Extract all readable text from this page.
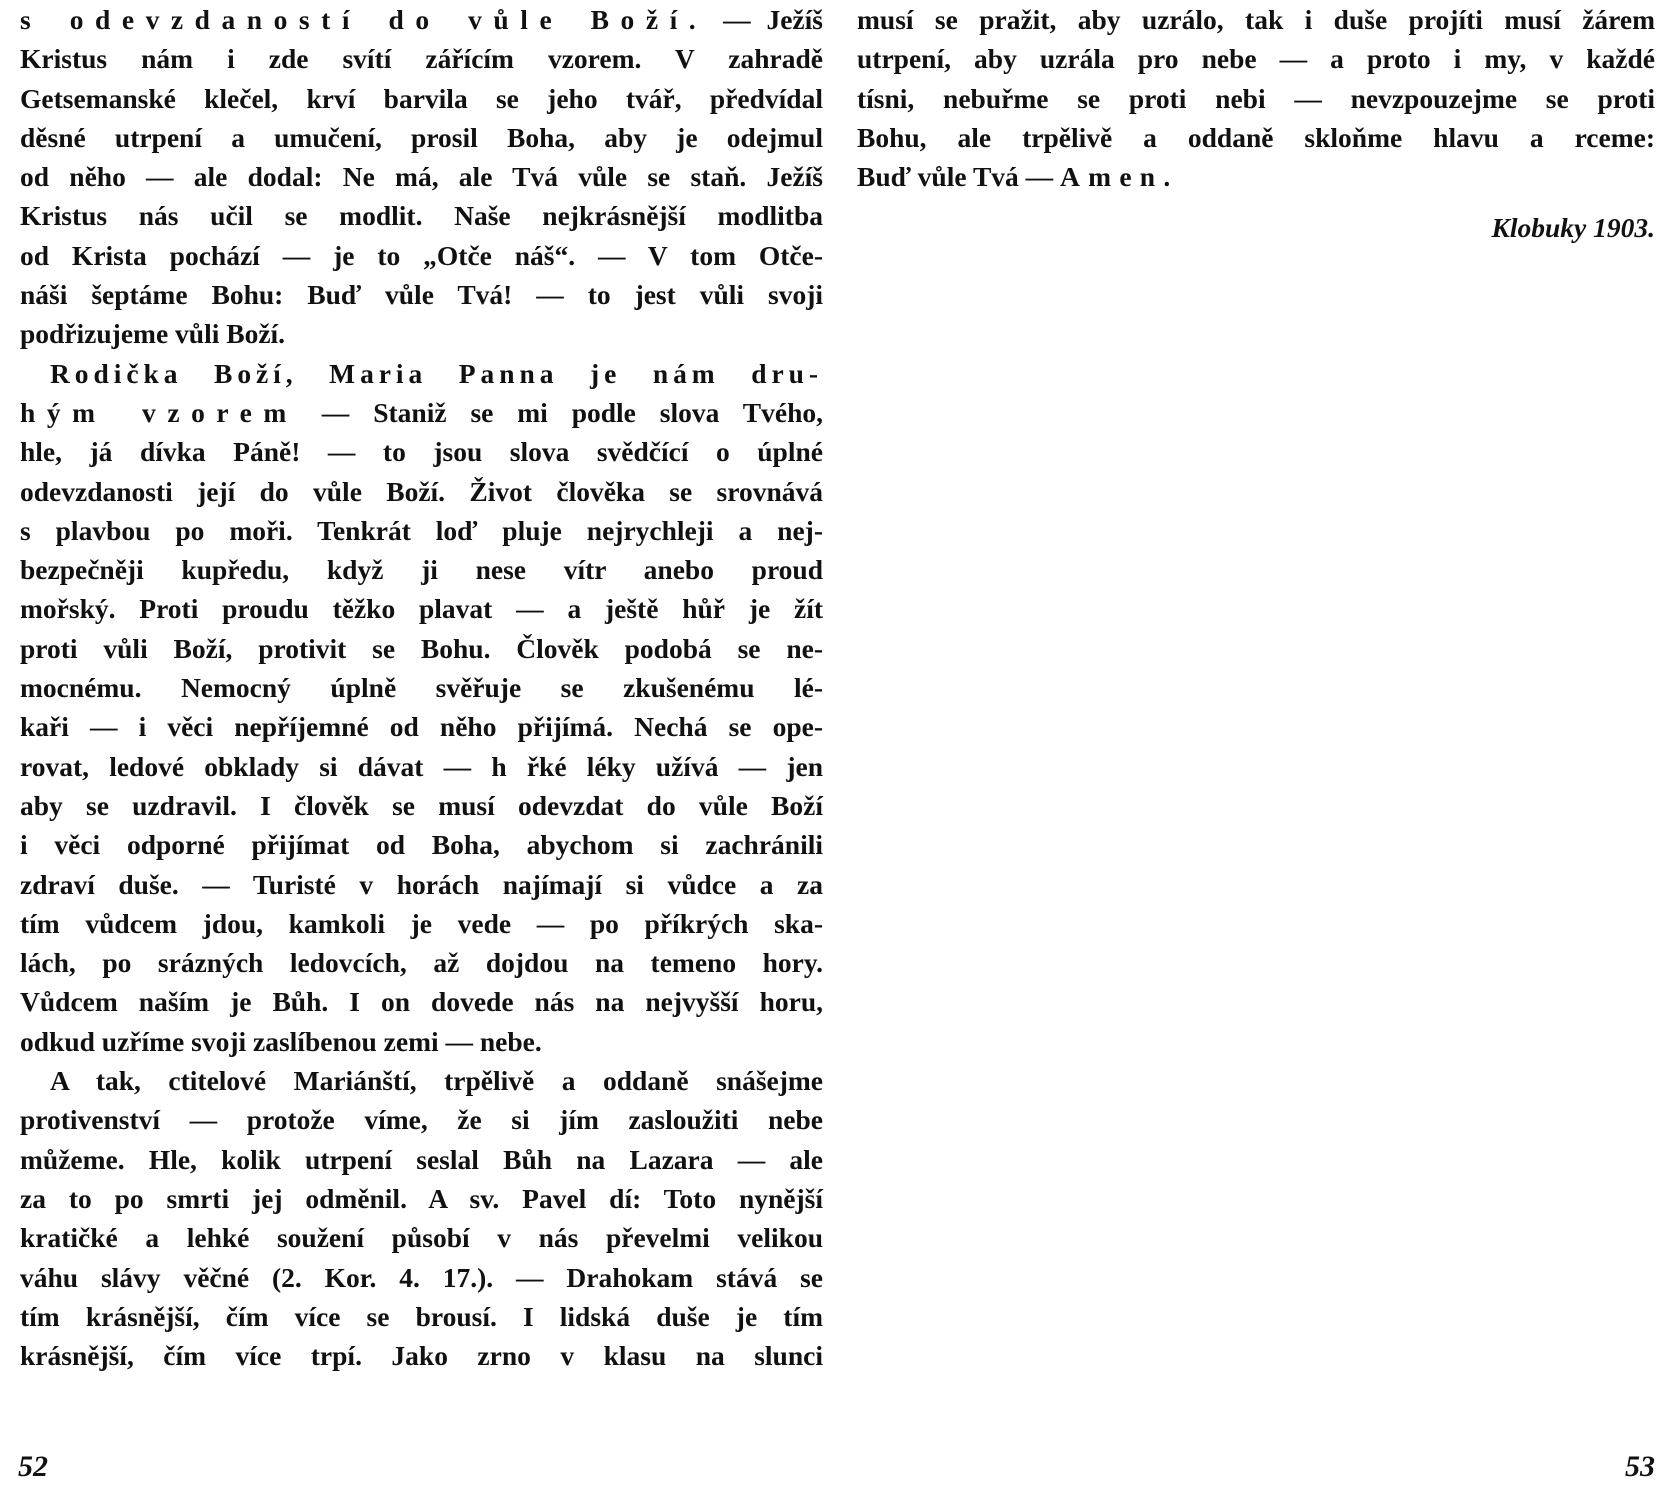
s odevzdaností do vůle Boží. — Ježíš
Kristus nám i zde svítí zářícím vzorem. V zahradě
Getsemanské klečel, krví barvila se jeho tvář, předvídal
děsné utrpení a umučení, prosil Boha, aby je odejmul
od něho — ale dodal: Ne má, ale Tvá vůle se staň. Ježíš
Kristus nás učil se modlit. Naše nejkrásnější modlitba
od Krista pochází — je to „Otče náš“. — V tom Otče-
náši šeptáme Bohu: Buď vůle Tvá! — to jest vůli svoji
podřizujeme vůli Boží.
Rodička Boží, Maria Panna je nám dru-
hým vzorem — Staniž se mi podle slova Tvého,
hle, já dívka Páně! — to jsou slova svědčící o úplné
odevzdanosti její do vůle Boží. Život člověka se srovnává
s plavbou po moři. Tenkrát loď pluje nejrychleji a nej-
bezpečněji kupředu, když ji nese vítr anebo proud
mořský. Proti proudu těžko plavat — a ještě hůř je žít
proti vůli Boží, protivit se Bohu. Člověk podobá se ne-
mocnému. Nemocný úplně svěřuje se zkušenému lé-
kaři — i věci nepříjemné od něho přijímá. Nechá se ope-
rovat, ledové obklady si dávat — h řké léky užívá — jen
aby se uzdravil. I člověk se musí odevzdat do vůle Boží
i věci odporné přijímat od Boha, abychom si zachránili
zdraví duše. — Turisté v horách najímají si vůdce a za
tím vůdcem jdou, kamkoli je vede — po příkrých ska-
lách, po srázných ledovcích, až dojdou na temeno hory.
Vůdcem naším je Bůh. I on dovede nás na nejvyšší horu,
odkud uzříme svoji zaslíbenou zemi — nebe.
A tak, ctitelové Mariánští, trpělivě a oddaně snášejme
protivenství — protože víme, že si jím zasloužiti nebe
můžeme. Hle, kolik utrpení seslal Bůh na Lazara — ale
za to po smrti jej odměnil. A sv. Pavel dí: Toto nynější
kratičké a lehké soužení působí v nás převelmi velikou
váhu slávy věčné (2. Kor. 4. 17.). — Drahokam stává se
tím krásnější, čím více se brousí. I lidská duše je tím
krásnější, čím více trpí. Jako zrno v klasu na slunci
musí se pražit, aby uzrálo, tak i duše projíti musí žárem
utrpení, aby uzrála pro nebe — a proto i my, v každé
tísni, nebuřme se proti nebi — nevzpouzejme se proti
Bohu, ale trpělivě a oddaně skloňme hlavu a rceme:
Buď vůle Tvá — Amen.
Klobuky 1903.
52	53
